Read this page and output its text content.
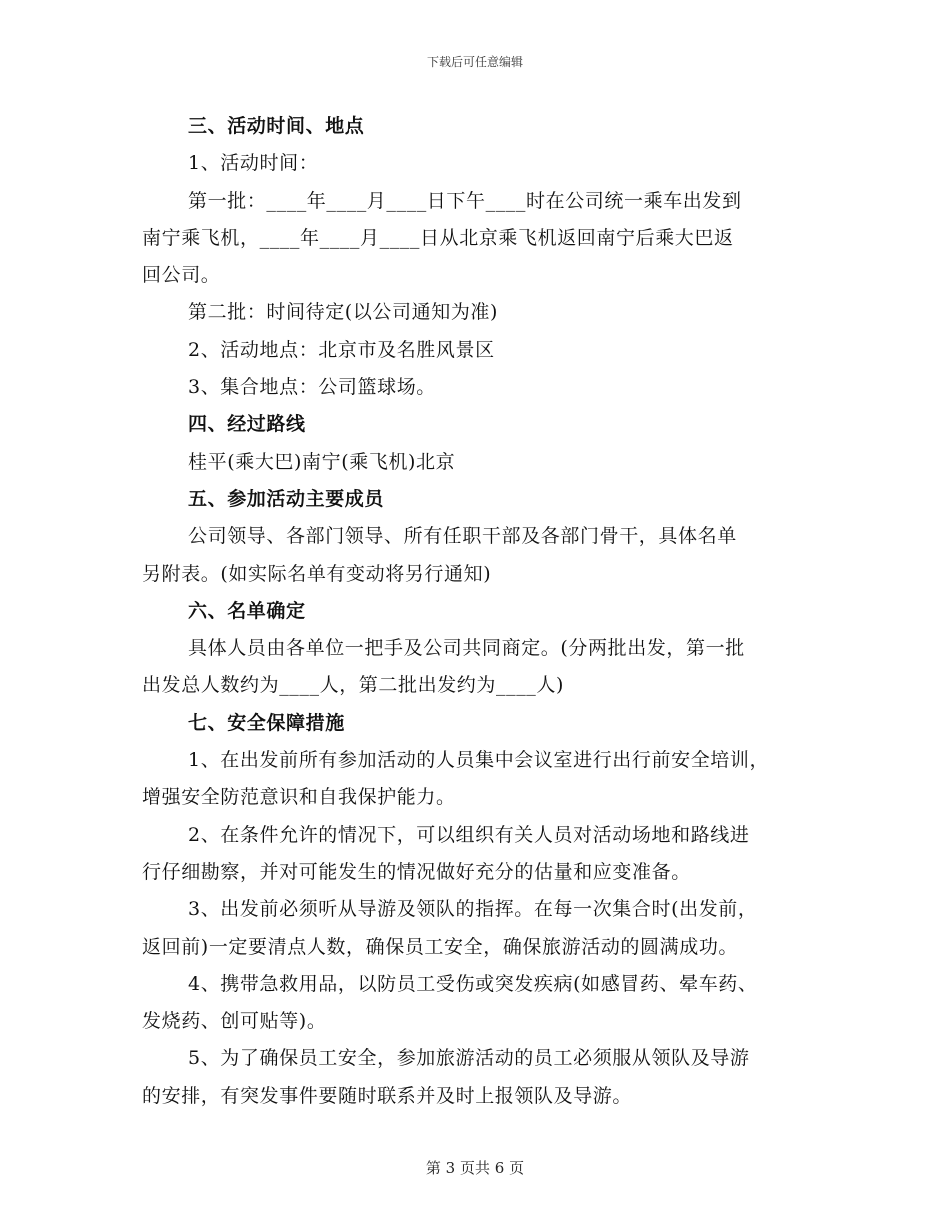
下载后可任意编辑
三、活动时间、地点
1、活动时间：
第一批：____年____月____日下午____时在公司统一乘车出发到
南宁乘飞机，____年____月____日从北京乘飞机返回南宁后乘大巴返
回公司。
第二批：时间待定(以公司通知为准)
2、活动地点：北京市及名胜风景区
3、集合地点：公司篮球场。
四、经过路线
桂平(乘大巴)南宁(乘飞机)北京
五、参加活动主要成员
公司领导、各部门领导、所有任职干部及各部门骨干，具体名单
另附表。(如实际名单有变动将另行通知)
六、名单确定
具体人员由各单位一把手及公司共同商定。(分两批出发，第一批
出发总人数约为____人，第二批出发约为____人)
七、安全保障措施
1、在出发前所有参加活动的人员集中会议室进行出行前安全培训，
增强安全防范意识和自我保护能力。
2、在条件允许的情况下，可以组织有关人员对活动场地和路线进
行仔细勘察，并对可能发生的情况做好充分的估量和应变准备。
3、出发前必须听从导游及领队的指挥。在每一次集合时(出发前，
返回前)一定要清点人数，确保员工安全，确保旅游活动的圆满成功。
4、携带急救用品，以防员工受伤或突发疾病(如感冒药、晕车药、
发烧药、创可贴等)。
5、为了确保员工安全，参加旅游活动的员工必须服从领队及导游
的安排，有突发事件要随时联系并及时上报领队及导游。
第 3 页共 6 页
